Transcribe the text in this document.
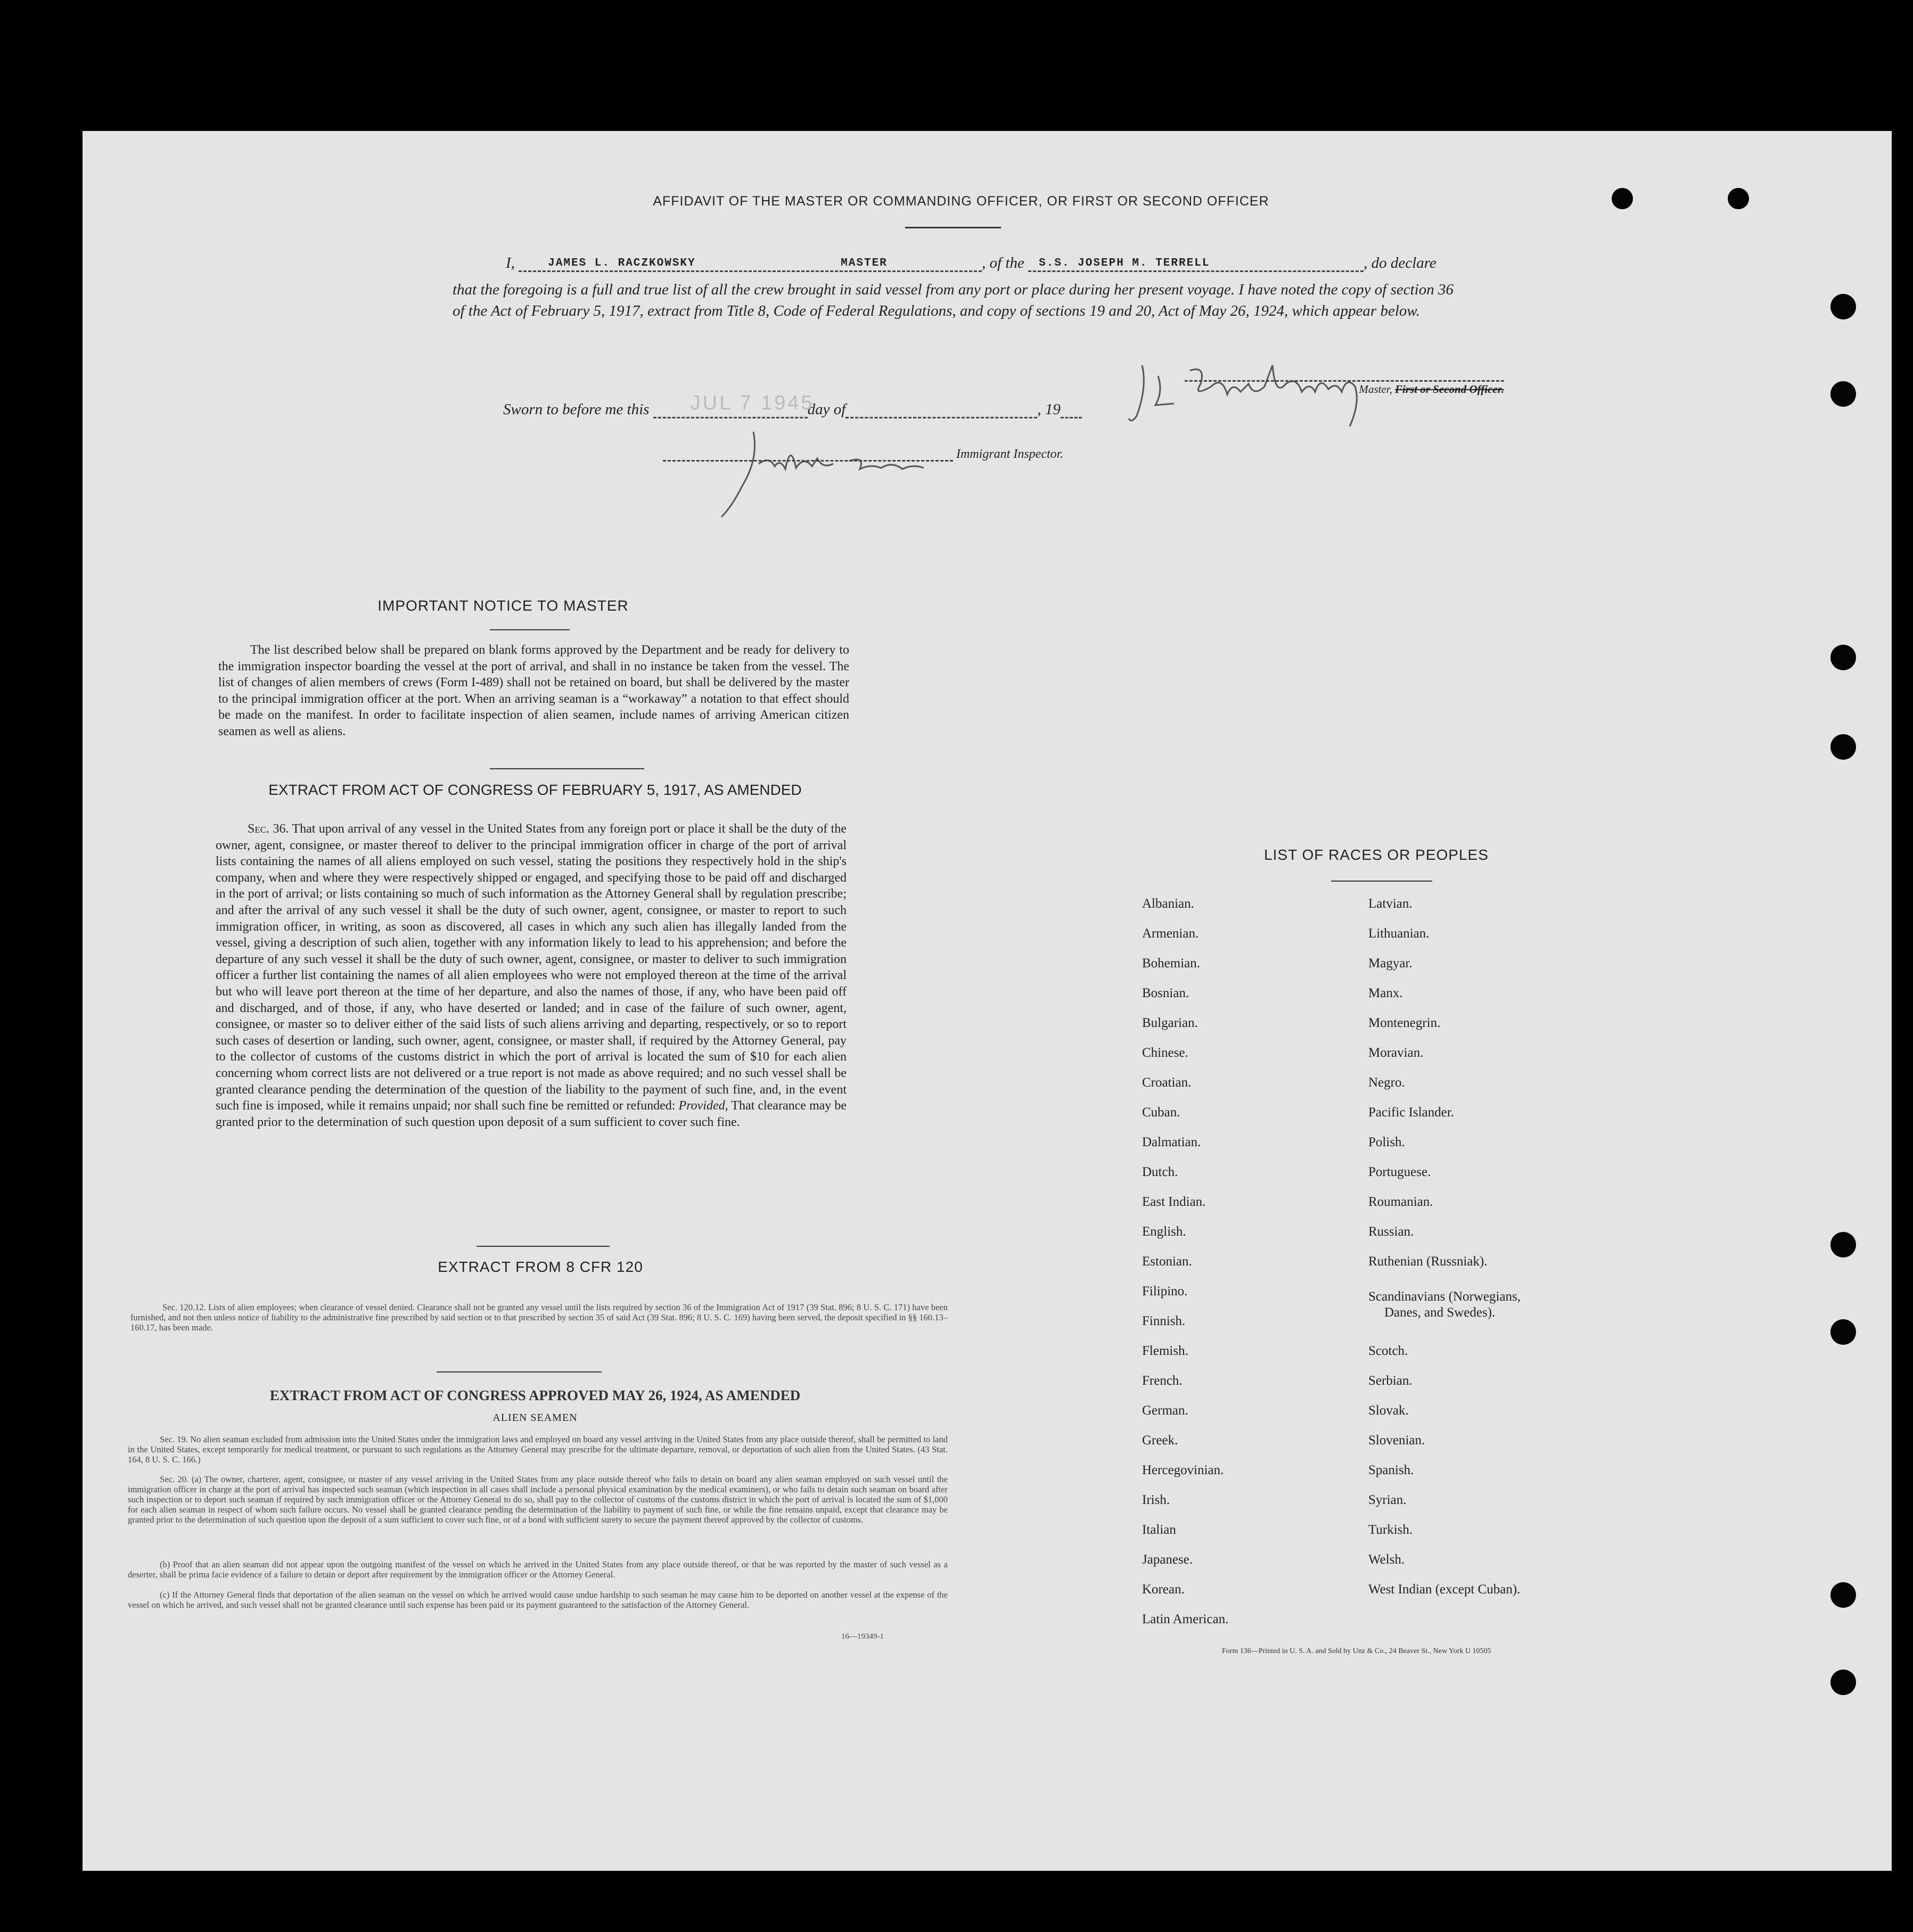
AFFIDAVIT OF THE MASTER OR COMMANDING OFFICER, OR FIRST OR SECOND OFFICER
I,	JAMES L. RACZKOWSKY	MASTER	, of the S.S. JOSEPH M. TERRELL	, do declare
that the foregoing is a full and true list of all the crew brought in said vessel from any port or place during her present voyage. I have noted the copy of section 36 of the Act of February 5, 1917, extract from Title 8, Code of Federal Regulations, and copy of sections 19 and 20, Act of May 26, 1924, which appear below.
Master, First or Second Officer.
Sworn to before me this JUL 7 1945
day of	, 19
Immigrant Inspector.
IMPORTANT NOTICE TO MASTER
The list described below shall be prepared on blank forms approved by the Department and be ready for delivery to the immigration inspector boarding the vessel at the port of arrival, and shall in no instance be taken from the vessel. The list of changes of alien members of crews (Form I-489) shall not be retained on board, but shall be delivered by the master to the principal immigration officer at the port. When an arriving seaman is a “workaway” a notation to that effect should be made on the manifest. In order to facilitate inspection of alien seamen, include names of arriving American citizen seamen as well as aliens.
EXTRACT FROM ACT OF CONGRESS OF FEBRUARY 5, 1917, AS AMENDED
Sec. 36. That upon arrival of any vessel in the United States from any foreign port or place it shall be the duty of the owner, agent, consignee, or master thereof to deliver to the principal immigration officer in charge of the port of arrival lists containing the names of all aliens employed on such vessel, stating the positions they respectively hold in the ship's company, when and where they were respectively shipped or engaged, and specifying those to be paid off and discharged in the port of arrival; or lists containing so much of such information as the Attorney General shall by regulation prescribe; and after the arrival of any such vessel it shall be the duty of such owner, agent, consignee, or master to report to such immigration officer, in writing, as soon as discovered, all cases in which any such alien has illegally landed from the vessel, giving a description of such alien, together with any information likely to lead to his apprehension; and before the departure of any such vessel it shall be the duty of such owner, agent, consignee, or master to deliver to such immigration officer a further list containing the names of all alien employees who were not employed thereon at the time of the arrival but who will leave port thereon at the time of her departure, and also the names of those, if any, who have been paid off and discharged, and of those, if any, who have deserted or landed; and in case of the failure of such owner, agent, consignee, or master so to deliver either of the said lists of such aliens arriving and departing, respectively, or so to report such cases of desertion or landing, such owner, agent, consignee, or master shall, if required by the Attorney General, pay to the collector of customs of the customs district in which the port of arrival is located the sum of $10 for each alien concerning whom correct lists are not delivered or a true report is not made as above required; and no such vessel shall be granted clearance pending the determination of the question of the liability to the payment of such fine, and, in the event such fine is imposed, while it remains unpaid; nor shall such fine be remitted or refunded: Provided, That clearance may be granted prior to the determination of such question upon deposit of a sum sufficient to cover such fine.
EXTRACT FROM 8 CFR 120
Sec. 120.12. Lists of alien employees; when clearance of vessel denied. Clearance shall not be granted any vessel until the lists required by section 36 of the Immigration Act of 1917 (39 Stat. 896; 8 U. S. C. 171) have been furnished, and not then unless notice of liability to the administrative fine prescribed by said section or to that prescribed by section 35 of said Act (39 Stat. 896; 8 U. S. C. 169) having been served, the deposit specified in §§ 160.13–160.17, has been made.
EXTRACT FROM ACT OF CONGRESS APPROVED MAY 26, 1924, AS AMENDED
ALIEN SEAMEN
Sec. 19. No alien seaman excluded from admission into the United States under the immigration laws and employed on board any vessel arriving in the United States from any place outside thereof, shall be permitted to land in the United States, except temporarily for medical treatment, or pursuant to such regulations as the Attorney General may prescribe for the ultimate departure, removal, or deportation of such alien from the United States. (43 Stat. 164, 8 U. S. C. 166.)
Sec. 20. (a) The owner, charterer, agent, consignee, or master of any vessel arriving in the United States from any place outside thereof who fails to detain on board any alien seaman employed on such vessel until the immigration officer in charge at the port of arrival has inspected such seaman (which inspection in all cases shall include a personal physical examination by the medical examiners), or who fails to detain such seaman on board after such inspection or to deport such seaman if required by such immigration officer or the Attorney General to do so, shall pay to the collector of customs of the customs district in which the port of arrival is located the sum of $1,000 for each alien seaman in respect of whom such failure occurs. No vessel shall be granted clearance pending the determination of the liability to payment of such fine, or while the fine remains unpaid, except that clearance may be granted prior to the determination of such question upon the deposit of a sum sufficient to cover such fine, or of a bond with sufficient surety to secure the payment thereof approved by the collector of customs.
(b) Proof that an alien seaman did not appear upon the outgoing manifest of the vessel on which he arrived in the United States from any place outside thereof, or that he was reported by the master of such vessel as a deserter, shall be prima facie evidence of a failure to detain or deport after requirement by the immigration officer or the Attorney General.
(c) If the Attorney General finds that deportation of the alien seaman on the vessel on which he arrived would cause undue hardship to such seaman he may cause him to be deported on another vessel at the expense of the vessel on which he arrived, and such vessel shall not be granted clearance until such expense has been paid or its payment guaranteed to the satisfaction of the Attorney General.
16—19349-1
LIST OF RACES OR PEOPLES
Albanian.
Armenian.
Bohemian.
Bosnian.
Bulgarian.
Chinese.
Croatian.
Cuban.
Dalmatian.
Dutch.
East Indian.
English.
Estonian.
Filipino.
Finnish.
Flemish.
French.
German.
Greek.
Hercegovinian.
Irish.
Italian
Japanese.
Korean.
Latin American.
Latvian.
Lithuanian.
Magyar.
Manx.
Montenegrin.
Moravian.
Negro.
Pacific Islander.
Polish.
Portuguese.
Roumanian.
Russian.
Ruthenian (Russniak).
Scandinavians (Norwegians,
Danes, and Swedes).
Scotch.
Serbian.
Slovak.
Slovenian.
Spanish.
Syrian.
Turkish.
Welsh.
West Indian (except Cuban).
Form 136—Printed in U. S. A. and Sold by Unz & Co., 24 Beaver St., New York U 10505
